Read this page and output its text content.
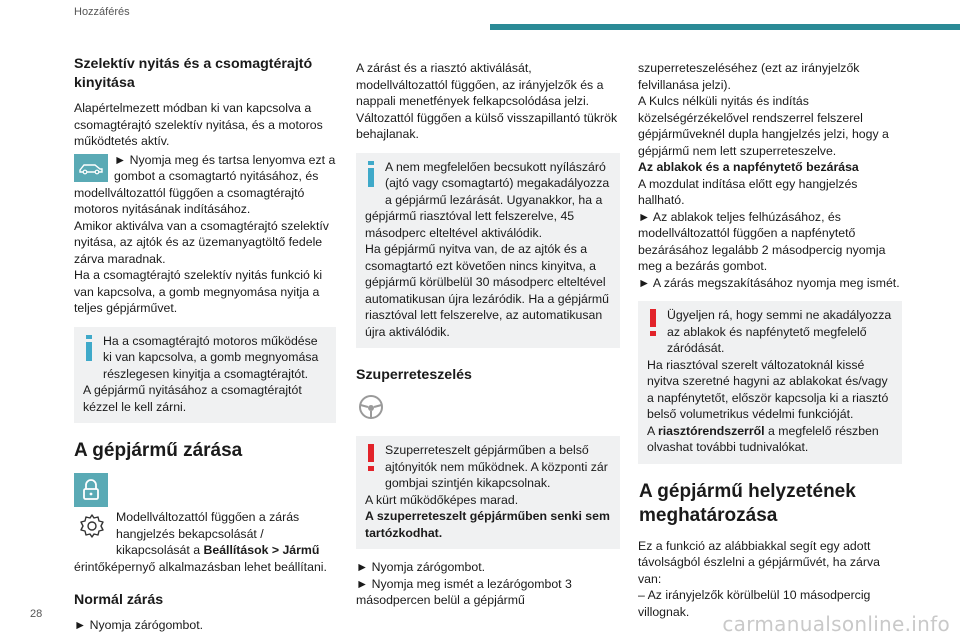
Hozzáférés
Szelektív nyitás és a csomagtérajtó kinyitása

Alapértelmezett módban ki van kapcsolva a csomagtérajtó szelektív nyitása, és a motoros működtetés aktív.

► Nyomja meg és tartsa lenyomva ezt a gombot a csomagtartó nyitásához, és modellváltozattól függően a csomagtérajtó motoros nyitásának indításához.

Amikor aktiválva van a csomagtérajtó szelektív nyitása, az ajtók és az üzemanyagtöltő fedele zárva maradnak.

Ha a csomagtérajtó szelektív nyitás funkció ki van kapcsolva, a gomb megnyomása nyitja a teljes gépjárművet.

Ha a csomagtérajtó motoros működése ki van kapcsolva, a gomb megnyomása részlegesen kinyitja a csomagtérajtót.

A gépjármű nyitásához a csomagtérajtót kézzel le kell zárni.

A gépjármű zárása

Modellváltozattól függően a zárás hangjelzés bekapcsolását / kikapcsolását a Beállítások > Jármű érintőképernyő alkalmazásban lehet beállítani.

Normál zárás

► Nyomja zárógombot.

A zárást és a riasztó aktiválását, modellváltozattól függően, az irányjelzők és a nappali menetfények felkapcsolódása jelzi.

Változattól függően a külső visszapillantó tükrök behajlanak.

A nem megfelelően becsukott nyílászáró (ajtó vagy csomagtartó) megakadályozza a gépjármű lezárását. Ugyanakkor, ha a gépjármű riasztóval lett felszerelve, 45 másodperc elteltével aktiválódik.

Ha gépjármű nyitva van, de az ajtók és a csomagtartó ezt követően nincs kinyitva, a gépjármű körülbelül 30 másodperc elteltével automatikusan újra lezáródik. Ha a gépjármű riasztóval lett felszerelve, az automatikusan újra aktiválódik.

Szuperreteszelés

Szuperreteszelt gépjárműben a belső ajtónyitók nem működnek. A központi zár gombjai szintjén kikapcsolnak.

A kürt működőképes marad.

A szuperreteszelt gépjárműben senki sem tartózkodhat.

► Nyomja zárógombot.

► Nyomja meg ismét a lezárógombot 3 másodpercen belül a gépjármű

szuperreteszeléséhez (ezt az irányjelzők felvillanása jelzi).

A Kulcs nélküli nyitás és indítás közelségérzékelővel rendszerrel felszerel gépjárműveknél dupla hangjelzés jelzi, hogy a gépjármű nem lett szuperreteszelve.

Az ablakok és a napfénytető bezárása

A mozdulat indítása előtt egy hangjelzés hallható.

► Az ablakok teljes felhúzásához, és modellváltozattól függően a napfénytető bezárásához legalább 2 másodpercig nyomja meg a bezárás gombot.

► A zárás megszakításához nyomja meg ismét.

Ügyeljen rá, hogy semmi ne akadályozza az ablakok és napfénytető megfelelő záródását.

Ha riasztóval szerelt változatoknál kissé nyitva szeretné hagyni az ablakokat és/vagy a napfénytetőt, először kapcsolja ki a riasztó belső volumetrikus védelmi funkcióját.

A riasztórendszerről a megfelelő részben olvashat további tudnivalókat.

A gépjármű helyzetének meghatározása

Ez a funkció az alábbiakkal segít egy adott távolságból észlelni a gépjárművét, ha zárva van:

– Az irányjelzők körülbelül 10 másodpercig villognak.

28	carmanualsonline.info
